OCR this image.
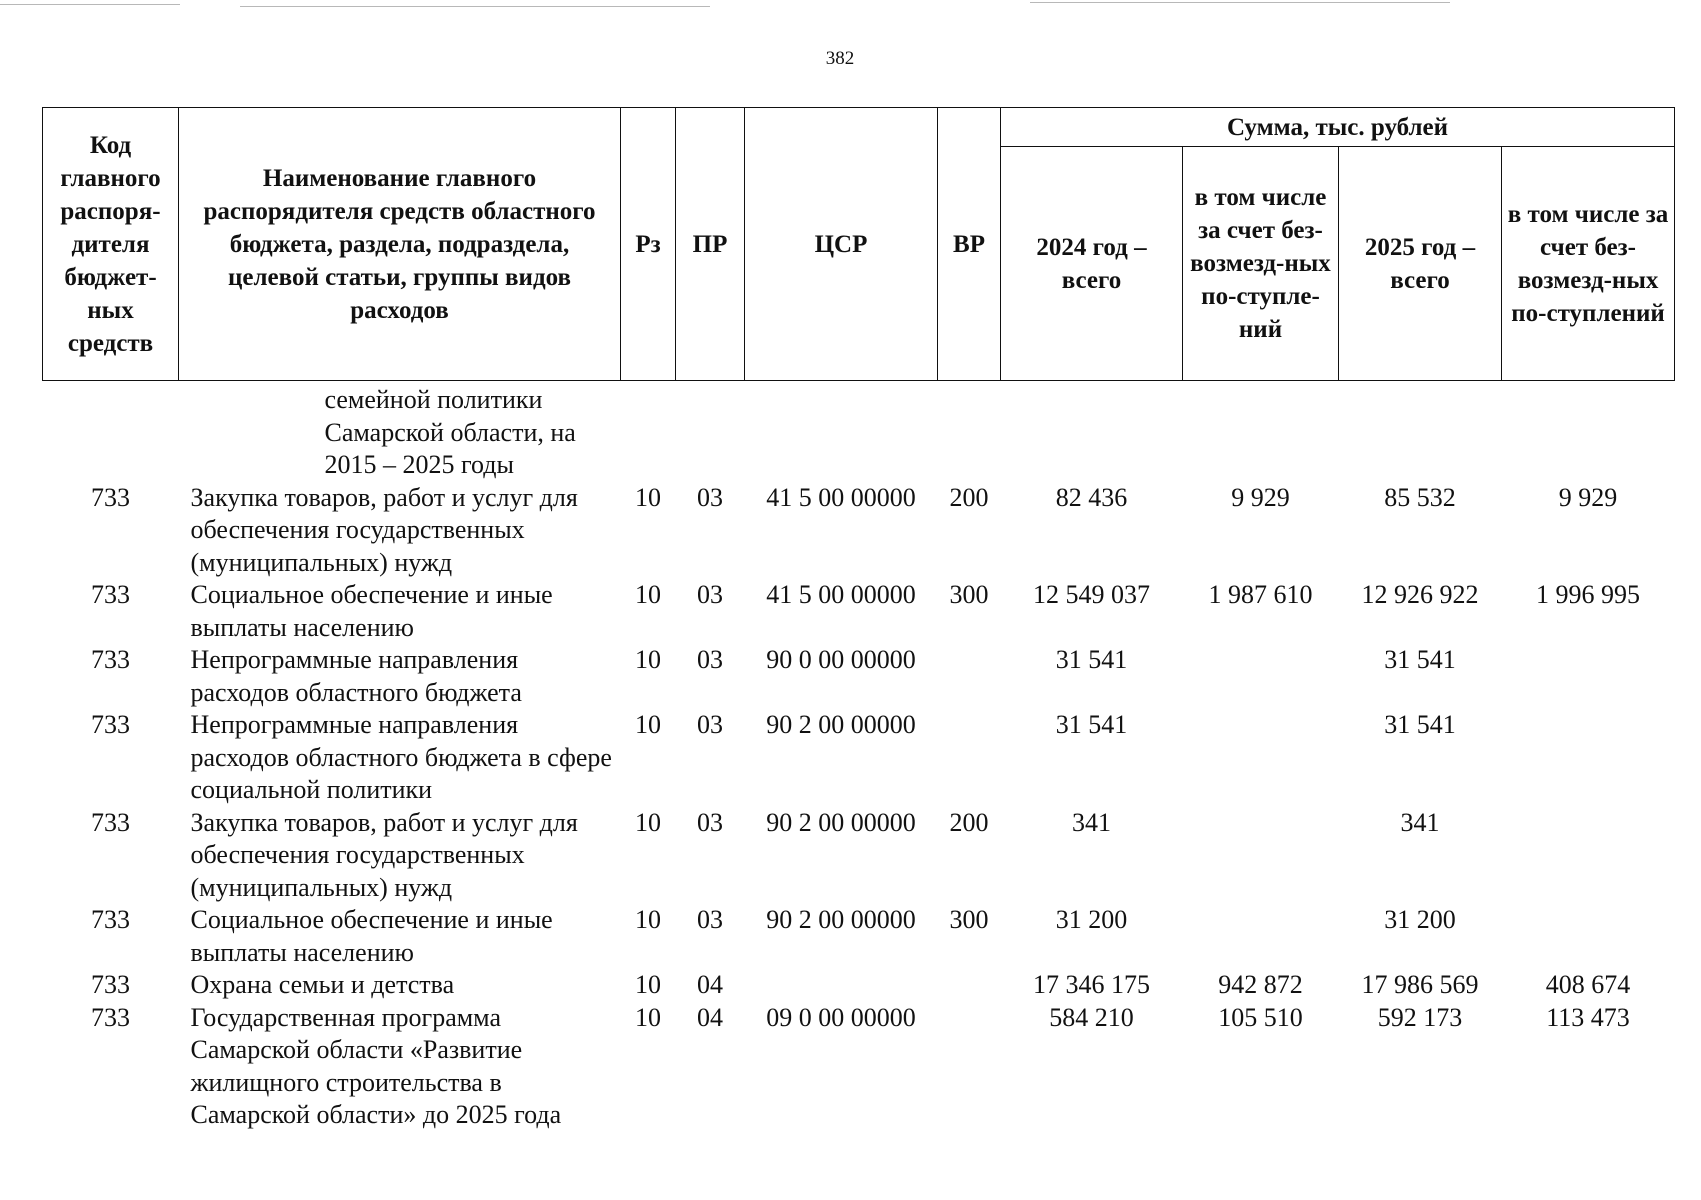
382
Код главного распоря-дителя бюджет-ных средств	Наименование главного распорядителя средств областного бюджета, раздела, подраздела, целевой статьи, группы видов расходов	Рз	ПР	ЦСР	ВР	Сумма, тыс. рублей			
						2024 год – всего	в том числе за счет без-возмезд-ных по-ступле-ний	2025 год – всего	в том числе за счет без-возмезд-ных по-ступлений
	семейной политики Самарской области, на 2015 – 2025 годы								
733	Закупка товаров, работ и услуг для обеспечения государственных (муниципальных) нужд	10	03	41 5 00 00000	200	82 436	9 929	85 532	9 929
733	Социальное обеспечение и иные выплаты населению	10	03	41 5 00 00000	300	12 549 037	1 987 610	12 926 922	1 996 995
733	Непрограммные направления расходов областного бюджета	10	03	90 0 00 00000		31 541		31 541	
733	Непрограммные направления расходов областного бюджета в сфере социальной политики	10	03	90 2 00 00000		31 541		31 541	
733	Закупка товаров, работ и услуг для обеспечения государственных (муниципальных) нужд	10	03	90 2 00 00000	200	341		341	
733	Социальное обеспечение и иные выплаты населению	10	03	90 2 00 00000	300	31 200		31 200	
733	Охрана семьи и детства	10	04			17 346 175	942 872	17 986 569	408 674
733	Государственная программа Самарской области «Развитие жилищного строительства в Самарской области» до 2025 года	10	04	09 0 00 00000		584 210	105 510	592 173	113 473
